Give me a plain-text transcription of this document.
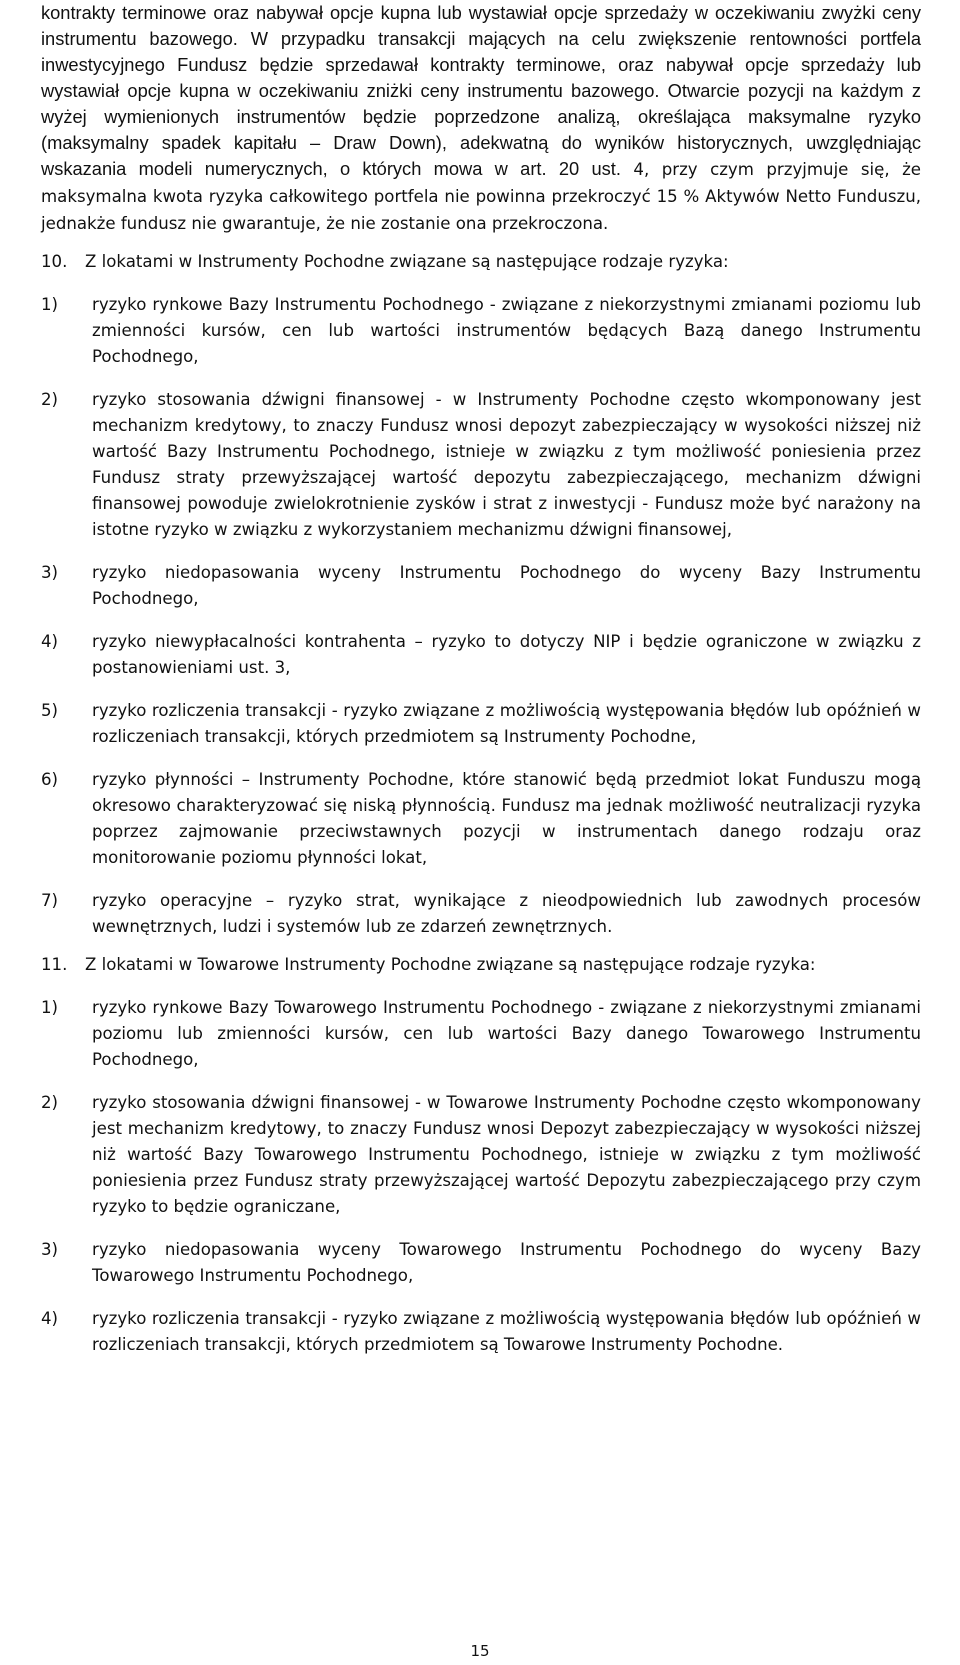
kontrakty terminowe oraz nabywał opcje kupna lub wystawiał opcje sprzedaży w oczekiwaniu zwyżki ceny instrumentu bazowego. W przypadku transakcji mających na celu zwiększenie rentowności portfela inwestycyjnego Fundusz będzie sprzedawał kontrakty terminowe, oraz nabywał opcje sprzedaży lub wystawiał opcje kupna w oczekiwaniu zniżki ceny instrumentu bazowego. Otwarcie pozycji na każdym z wyżej wymienionych instrumentów będzie poprzedzone analizą, określająca maksymalne ryzyko (maksymalny spadek kapitału – Draw Down), adekwatną do wyników historycznych, uwzględniając wskazania modeli numerycznych, o których mowa w art. 20 ust. 4, przy czym przyjmuje się, że maksymalna kwota ryzyka całkowitego portfela nie powinna przekroczyć 15 % Aktywów Netto Funduszu, jednakże fundusz nie gwarantuje, że nie zostanie ona przekroczona.

10.	Z lokatami w Instrumenty Pochodne związane są następujące rodzaje ryzyka:
1)	ryzyko rynkowe Bazy Instrumentu Pochodnego - związane z niekorzystnymi zmianami poziomu lub zmienności kursów, cen lub wartości instrumentów będących Bazą danego Instrumentu Pochodnego,
2)	ryzyko stosowania dźwigni finansowej - w Instrumenty Pochodne często wkomponowany jest mechanizm kredytowy, to znaczy Fundusz wnosi depozyt zabezpieczający w wysokości niższej niż wartość Bazy Instrumentu Pochodnego, istnieje w związku z tym możliwość poniesienia przez Fundusz straty przewyższającej wartość depozytu zabezpieczającego, mechanizm dźwigni finansowej powoduje zwielokrotnienie zysków i strat z inwestycji - Fundusz może być narażony na istotne ryzyko w związku z wykorzystaniem mechanizmu dźwigni finansowej,
3)	ryzyko niedopasowania wyceny Instrumentu Pochodnego do wyceny Bazy Instrumentu Pochodnego,
4)	ryzyko niewypłacalności kontrahenta – ryzyko to dotyczy NIP i będzie ograniczone w związku z postanowieniami ust. 3,
5)	ryzyko rozliczenia transakcji - ryzyko związane z możliwością występowania błędów lub opóźnień w rozliczeniach transakcji, których przedmiotem są Instrumenty Pochodne,
6)	ryzyko płynności – Instrumenty Pochodne, które stanowić będą przedmiot lokat Funduszu mogą okresowo charakteryzować się niską płynnością. Fundusz ma jednak możliwość neutralizacji ryzyka poprzez zajmowanie przeciwstawnych pozycji w instrumentach danego rodzaju oraz monitorowanie poziomu płynności lokat,
7)	ryzyko operacyjne – ryzyko strat, wynikające z nieodpowiednich lub zawodnych procesów wewnętrznych, ludzi i systemów lub ze zdarzeń zewnętrznych.
11.	Z lokatami w Towarowe Instrumenty Pochodne związane są następujące rodzaje ryzyka:
1)	ryzyko rynkowe Bazy Towarowego Instrumentu Pochodnego - związane z niekorzystnymi zmianami poziomu lub zmienności kursów, cen lub wartości Bazy danego Towarowego Instrumentu Pochodnego,
2)	ryzyko stosowania dźwigni finansowej - w Towarowe Instrumenty Pochodne często wkomponowany jest mechanizm kredytowy, to znaczy Fundusz wnosi Depozyt zabezpieczający w wysokości niższej niż wartość Bazy Towarowego Instrumentu Pochodnego, istnieje w związku z tym możliwość poniesienia przez Fundusz straty przewyższającej wartość Depozytu zabezpieczającego przy czym ryzyko to będzie ograniczane,
3)	ryzyko niedopasowania wyceny Towarowego Instrumentu Pochodnego do wyceny Bazy Towarowego Instrumentu Pochodnego,
4)	ryzyko rozliczenia transakcji - ryzyko związane z możliwością występowania błędów lub opóźnień w rozliczeniach transakcji, których przedmiotem są Towarowe Instrumenty Pochodne.
15
